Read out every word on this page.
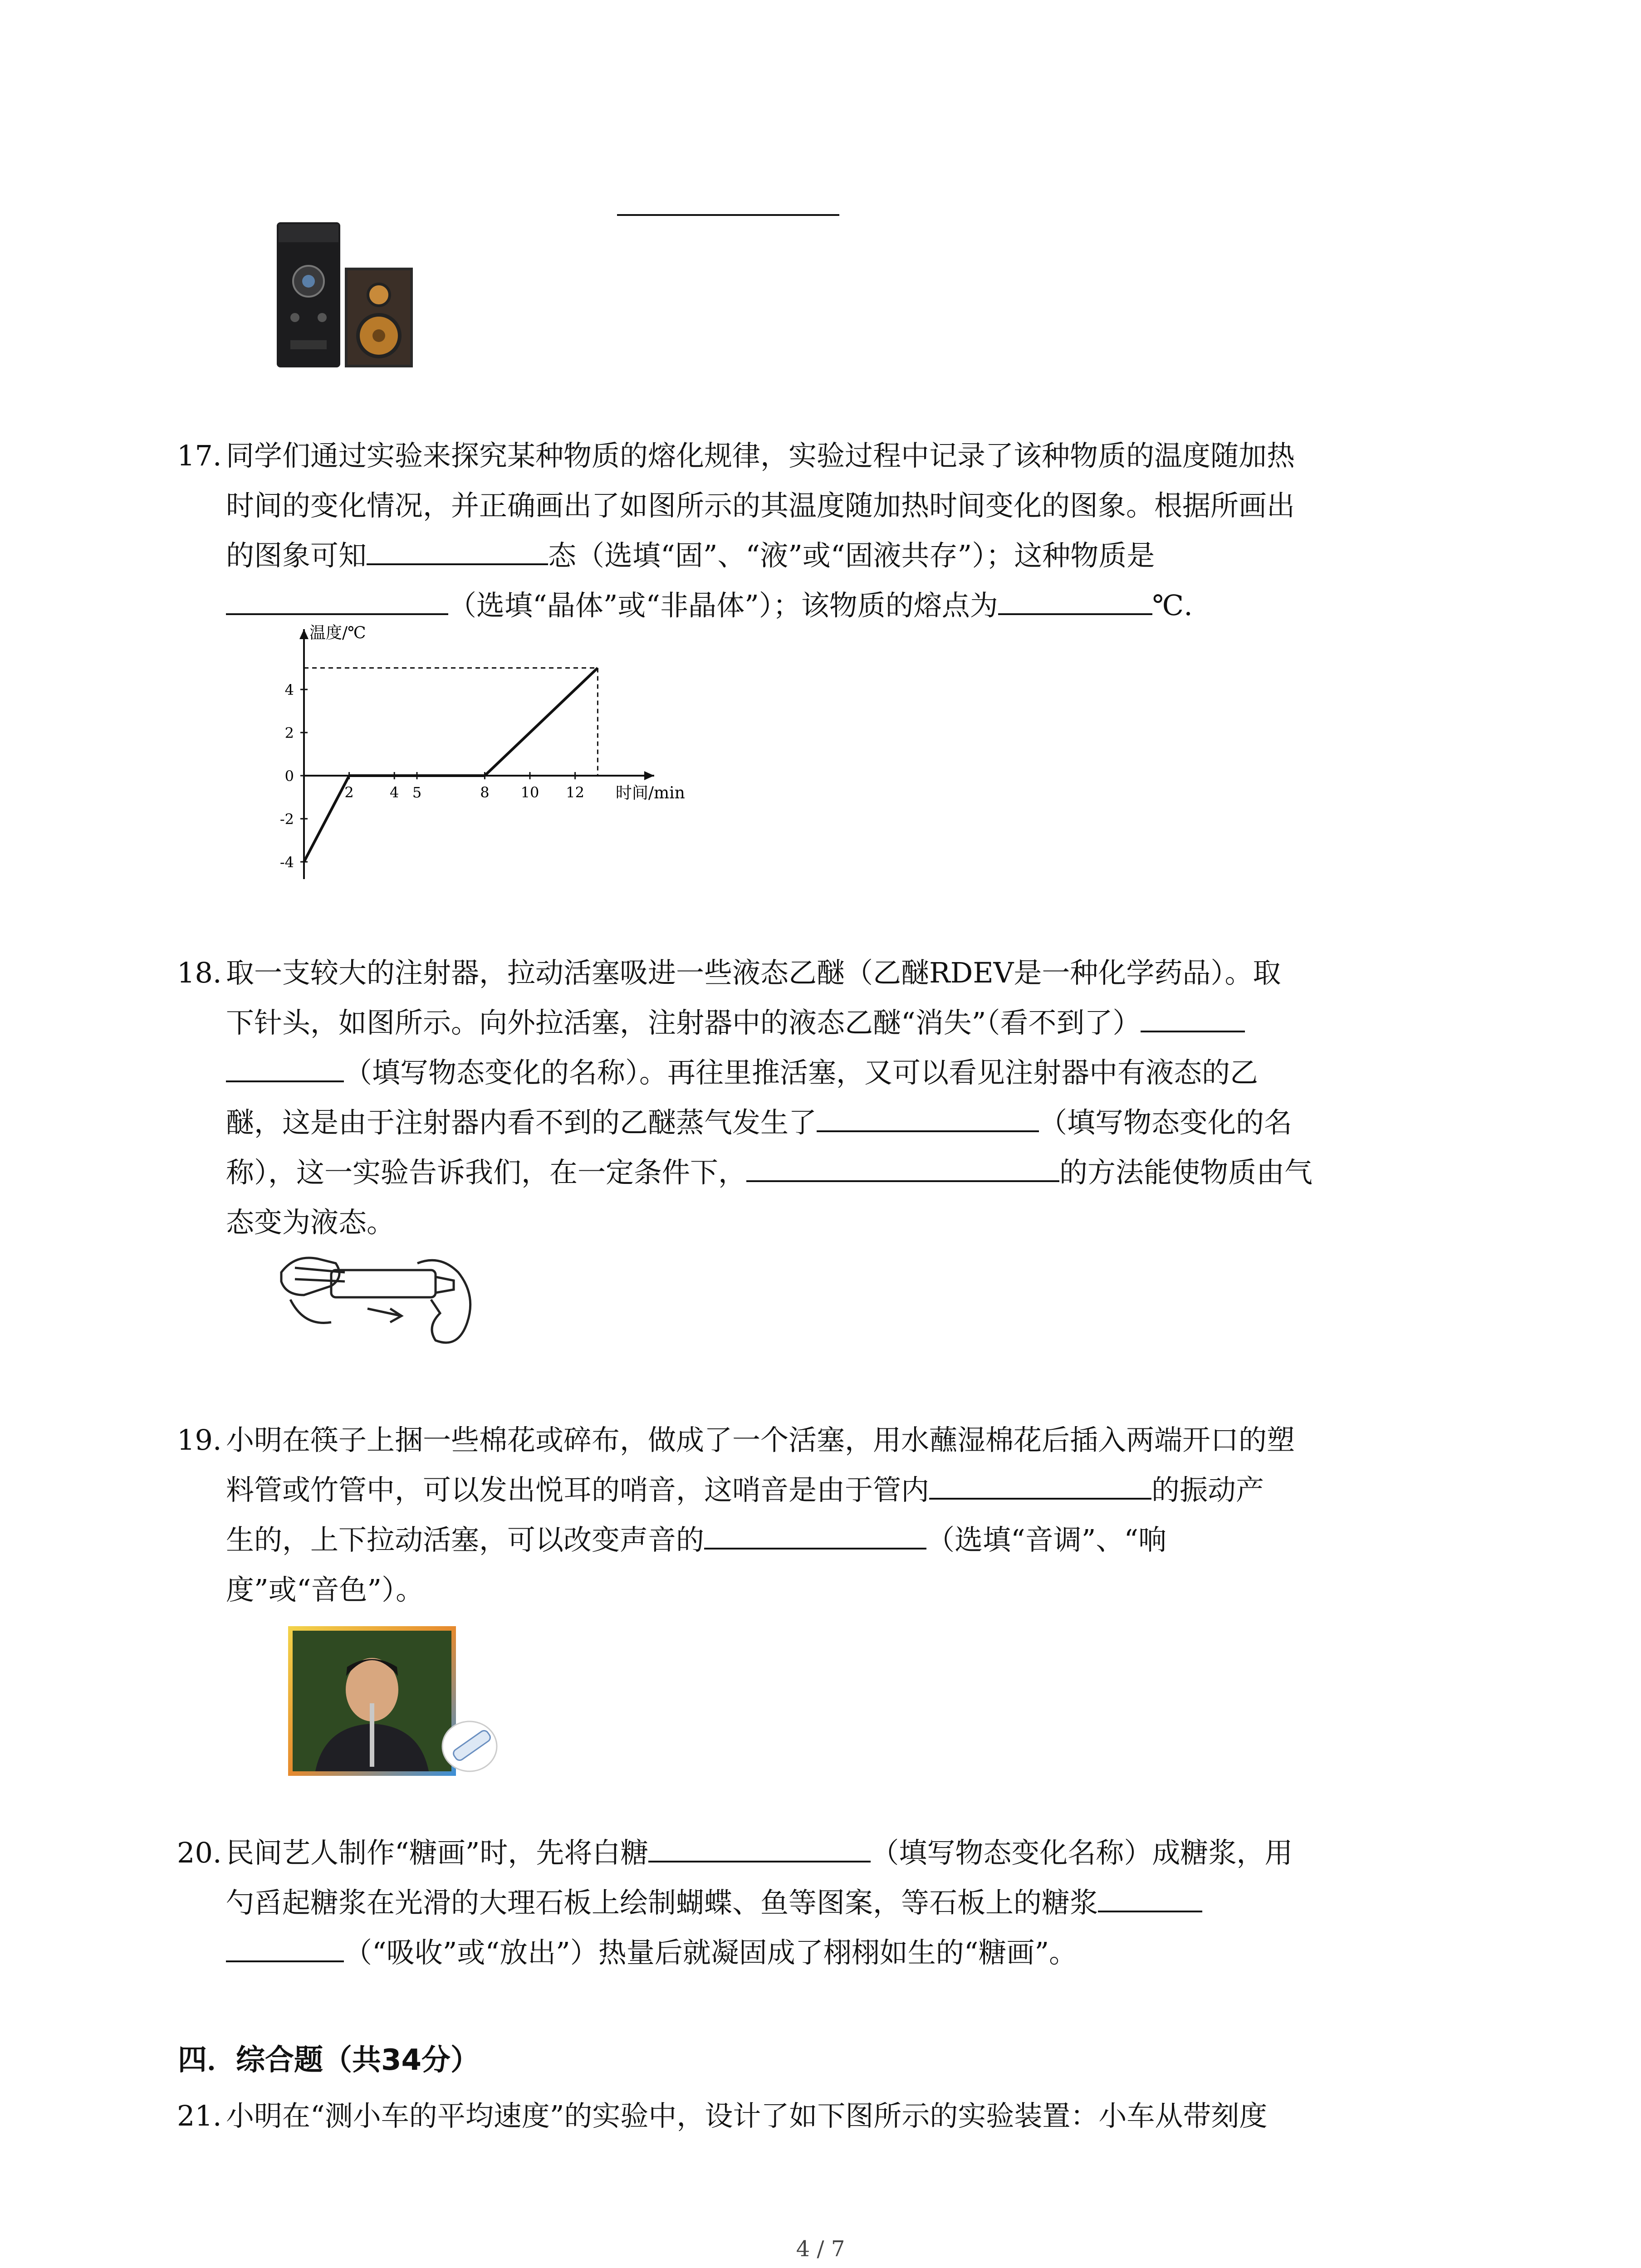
17. 同学们通过实验来探究某种物质的熔化规律，实验过程中记录了该种物质的温度随加热
时间的变化情况，并正确画出了如图所示的其温度随加热时间变化的图象。根据所画出
的图象可知	态（选填“固”、“液”或“固液共存”）；这种物质是
（选填“晶体”或“非晶体”）；该物质的熔点为	℃.
温度/℃
时间/min
4
2
0
-2
-4
2 4 5	8 10 12
18. 取一支较大的注射器，拉动活塞吸进一些液态乙醚（乙醚RDEV是一种化学药品）。取
下针头，如图所示。向外拉活塞，注射器中的液态乙醚“消失”（看不到了）
（填写物态变化的名称）。再往里推活塞，又可以看见注射器中有液态的乙
醚，这是由于注射器内看不到的乙醚蒸气发生了	（填写物态变化的名
称），这一实验告诉我们，在一定条件下，	的方法能使物质由气
态变为液态。
19. 小明在筷子上捆一些棉花或碎布，做成了一个活塞，用水蘸湿棉花后插入两端开口的塑
料管或竹管中，可以发出悦耳的哨音，这哨音是由于管内	的振动产
生的，上下拉动活塞，可以改变声音的	（选填“音调”、“响
度”或“音色”）。
20. 民间艺人制作“糖画”时，先将白糖	（填写物态变化名称）成糖浆，用
勺舀起糖浆在光滑的大理石板上绘制蝴蝶、鱼等图案，等石板上的糖浆
（“吸收”或“放出”）热量后就凝固成了栩栩如生的“糖画”。
四．综合题（共34分）
21. 小明在“测小车的平均速度”的实验中，设计了如下图所示的实验装置：小车从带刻度
4 / 7
